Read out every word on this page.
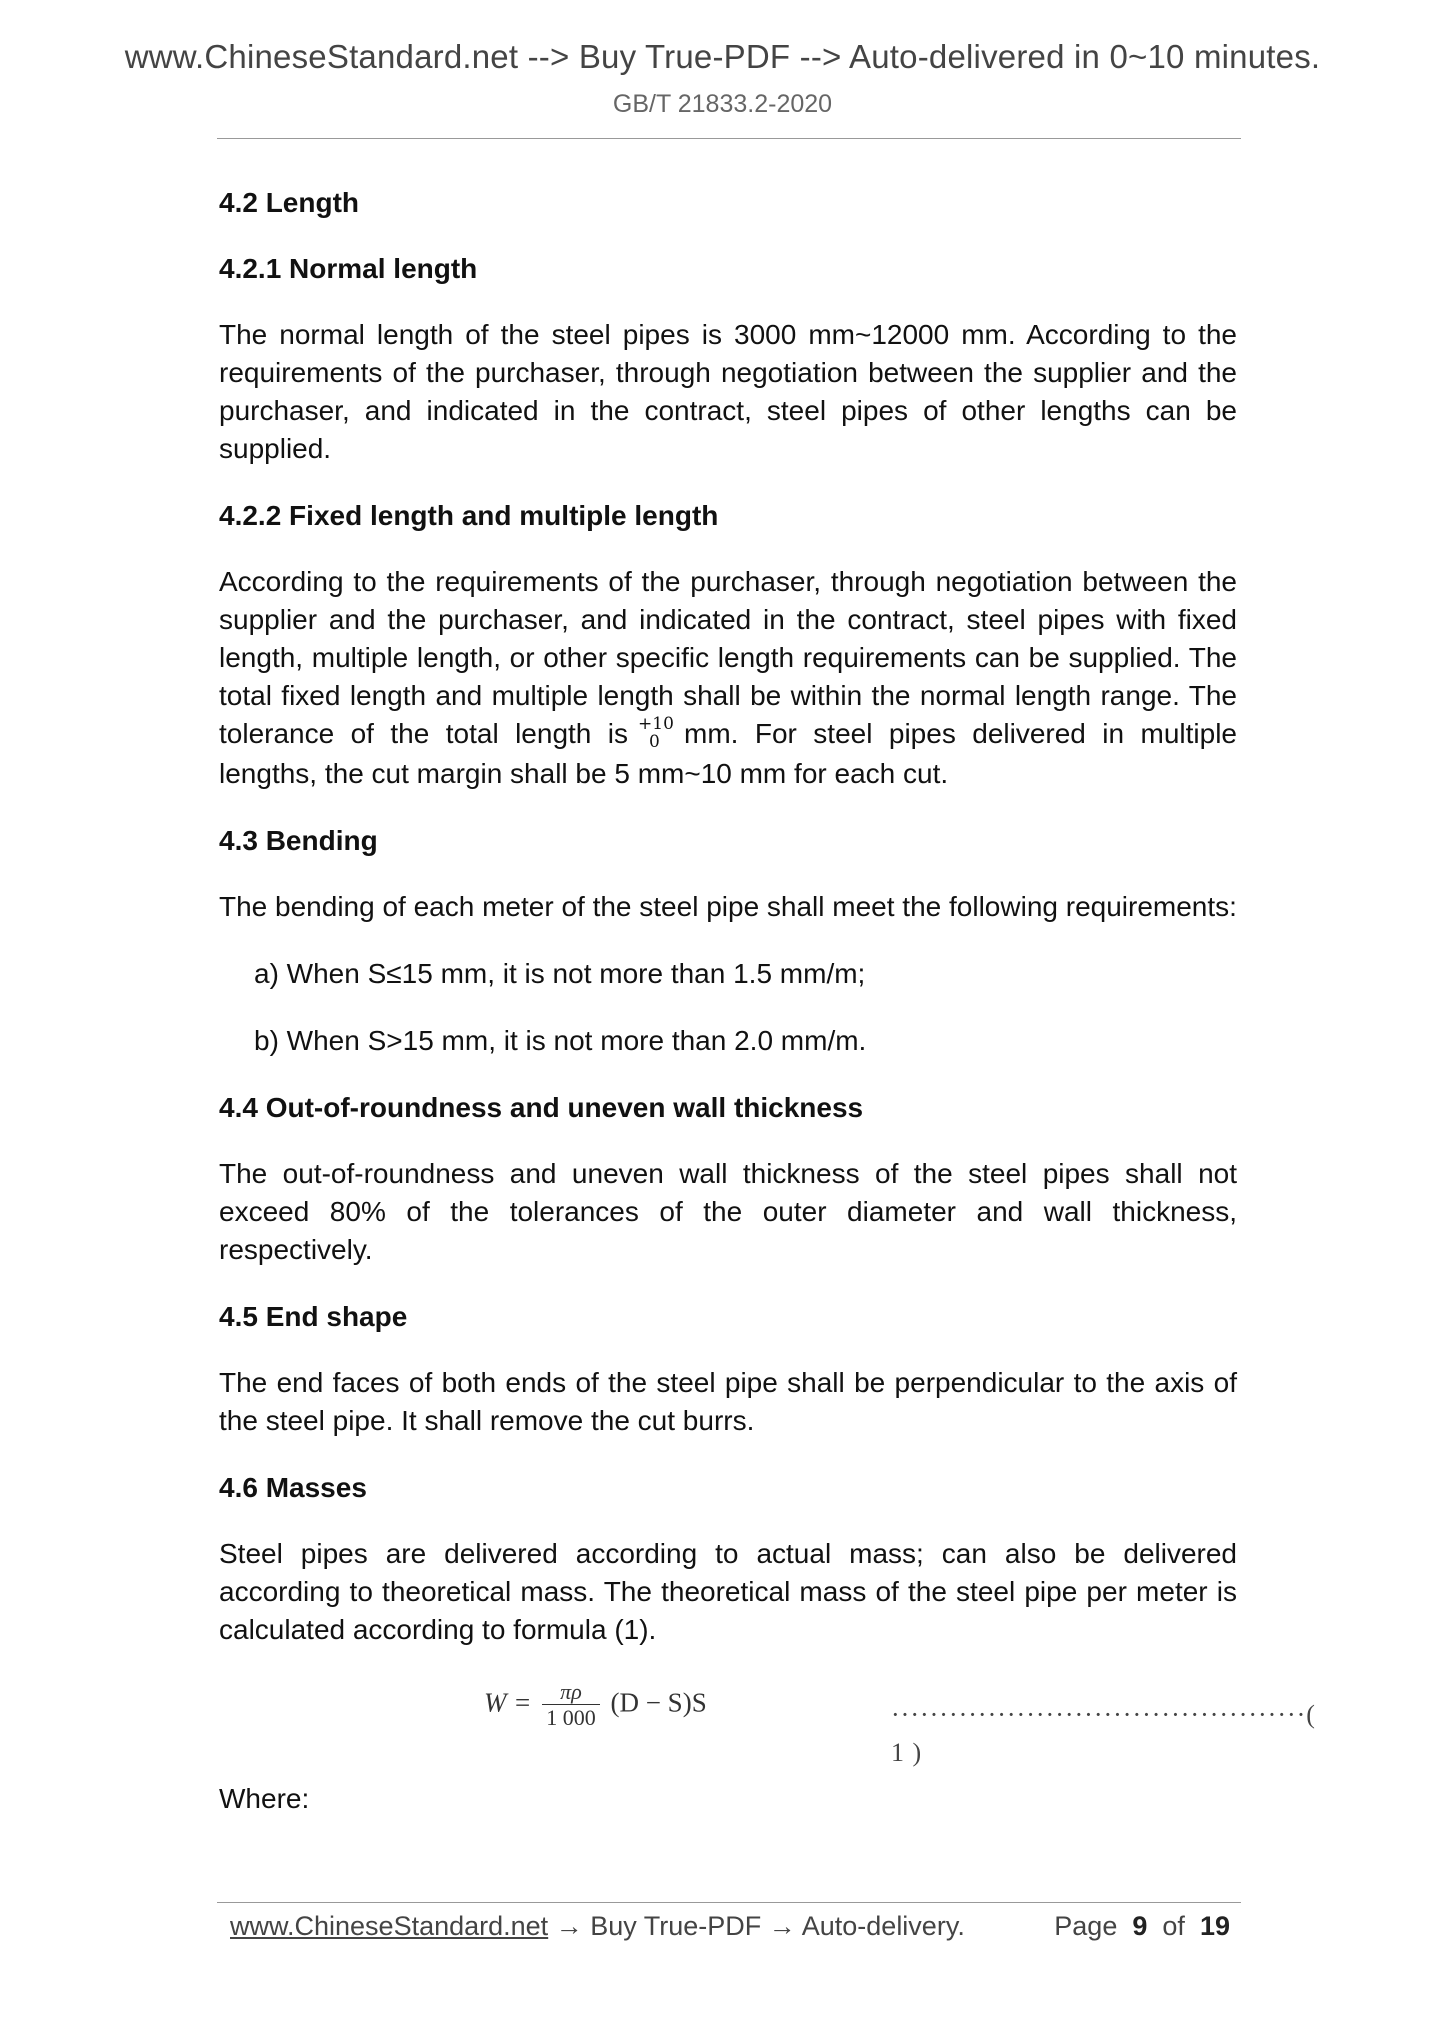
www.ChineseStandard.net --> Buy True-PDF --> Auto-delivered in 0~10 minutes.
GB/T 21833.2-2020
4.2 Length
4.2.1 Normal length

The normal length of the steel pipes is 3000 mm~12000 mm. According to the requirements of the purchaser, through negotiation between the supplier and the purchaser, and indicated in the contract, steel pipes of other lengths can be supplied.

4.2.2 Fixed length and multiple length

According to the requirements of the purchaser, through negotiation between the supplier and the purchaser, and indicated in the contract, steel pipes with fixed length, multiple length, or other specific length requirements can be supplied. The total fixed length and multiple length shall be within the normal length range. The tolerance of the total length is +10
0 mm. For steel pipes delivered in multiple lengths, the cut margin shall be 5 mm~10 mm for each cut.

4.3 Bending

The bending of each meter of the steel pipe shall meet the following requirements:

a) When S≤15 mm, it is not more than 1.5 mm/m;
b) When S>15 mm, it is not more than 2.0 mm/m.
4.4 Out-of-roundness and uneven wall thickness

The out-of-roundness and uneven wall thickness of the steel pipes shall not exceed 80% of the tolerances of the outer diameter and wall thickness, respectively.

4.5 End shape

The end faces of both ends of the steel pipe shall be perpendicular to the axis of the steel pipe. It shall remove the cut burrs.

4.6 Masses

Steel pipes are delivered according to actual mass; can also be delivered according to theoretical mass. The theoretical mass of the steel pipe per meter is calculated according to formula (1).

$W = \frac{\pi\rho}{1 000} (D - S)S$	···········································( 1 )

Where:

www.ChineseStandard.net → Buy True-PDF → Auto-delivery.	Page 9 of 19
